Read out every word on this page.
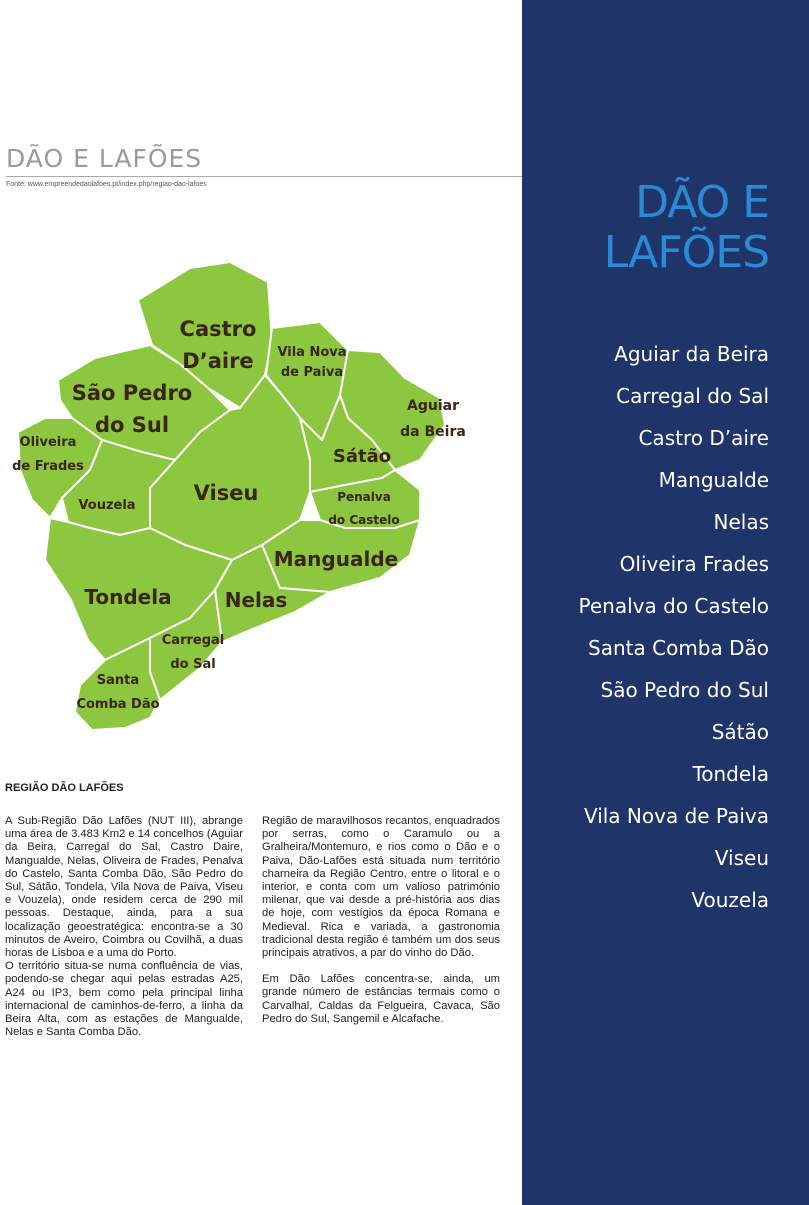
DÃO E LAFÕES
Fonte: www.empreendedaolafoes.pt/index.php/regiao-dao-lafoes
Castro
D’aire Vila Nova
de Paiva
São Pedro
do Sul
Aguiar
da Beira
Oliveira
de Frades	Sátão
Viseu
Vouzela
Penalva
do Castelo
Mangualde
Tondela	Nelas
Carregal
do Sal
Santa
Comba Dão
REGIÃO DÃO LAFÕES

A Sub-Região Dão Lafões (NUT III), abrange uma área de 3.483 Km2 e 14 concelhos (Aguiar da Beira, Carregal do Sal, Castro Daire, Mangualde, Nelas, Oliveira de Frades, Penalva do Castelo, Santa Comba Dão, São Pedro do Sul, Sátão, Tondela, Vila Nova de Paiva, Viseu e Vouzela), onde residem cerca de 290 mil pessoas. Destaque, ainda, para a sua localização geoestratégica: encontra-se a 30 minutos de Aveiro, Coimbra ou Covilhã, a duas horas de Lisboa e a uma do Porto.

O território situa-se numa confluência de vias, podendo-se chegar aqui pelas estradas A25, A24 ou IP3, bem como pela principal linha internacional de caminhos-de-ferro, a linha da Beira Alta, com as estações de Mangualde, Nelas e Santa Comba Dão.

Região de maravilhosos recantos, enquadrados por serras, como o Caramulo ou a Gralheira/Montemuro, e rios como o Dão e o Paiva, Dão-Lafões está situada num território charneira da Região Centro, entre o litoral e o interior, e conta com um valioso património milenar, que vai desde a pré-história aos dias de hoje, com vestígios da época Romana e Medieval. Rica e variada, a gastronomia tradicional desta região é também um dos seus principais atrativos, a par do vinho do Dão.

Em Dão Lafões concentra-se, ainda, um grande número de estâncias termais como o Carvalhal, Caldas da Felgueira, Cavaca, São Pedro do Sul, Sangemil e Alcafache.

DÃO E
LAFÕES
Aguiar da Beira
Carregal do Sal
Castro D’aire
Mangualde
Nelas
Oliveira Frades
Penalva do Castelo
Santa Comba Dão
São Pedro do Sul
Sátão
Tondela
Vila Nova de Paiva
Viseu
Vouzela
